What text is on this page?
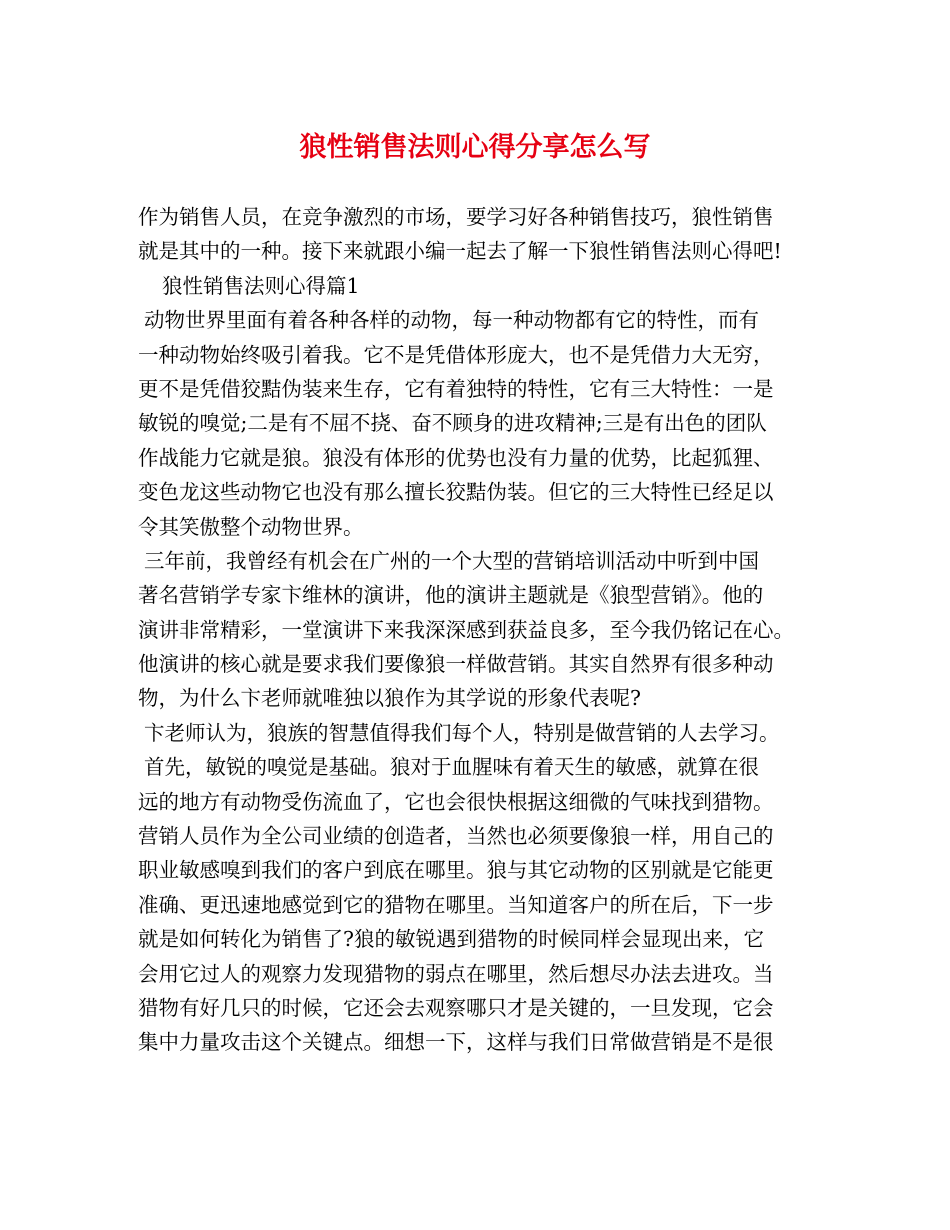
狼性销售法则心得分享怎么写
作为销售人员，在竞争激烈的市场，要学习好各种销售技巧，狼性销售
就是其中的一种。接下来就跟小编一起去了解一下狼性销售法则心得吧!
狼性销售法则心得篇1
动物世界里面有着各种各样的动物，每一种动物都有它的特性，而有
一种动物始终吸引着我。它不是凭借体形庞大，也不是凭借力大无穷，
更不是凭借狡黠伪装来生存，它有着独特的特性，它有三大特性：一是
敏锐的嗅觉;二是有不屈不挠、奋不顾身的进攻精神;三是有出色的团队
作战能力它就是狼。狼没有体形的优势也没有力量的优势，比起狐狸、
变色龙这些动物它也没有那么擅长狡黠伪装。但它的三大特性已经足以
令其笑傲整个动物世界。
三年前，我曾经有机会在广州的一个大型的营销培训活动中听到中国
著名营销学专家卞维林的演讲，他的演讲主题就是《狼型营销》。他的
演讲非常精彩，一堂演讲下来我深深感到获益良多，至今我仍铭记在心。
他演讲的核心就是要求我们要像狼一样做营销。其实自然界有很多种动
物，为什么卞老师就唯独以狼作为其学说的形象代表呢?
卞老师认为，狼族的智慧值得我们每个人，特别是做营销的人去学习。
首先，敏锐的嗅觉是基础。狼对于血腥味有着天生的敏感，就算在很
远的地方有动物受伤流血了，它也会很快根据这细微的气味找到猎物。
营销人员作为全公司业绩的创造者，当然也必须要像狼一样，用自己的
职业敏感嗅到我们的客户到底在哪里。狼与其它动物的区别就是它能更
准确、更迅速地感觉到它的猎物在哪里。当知道客户的所在后，下一步
就是如何转化为销售了?狼的敏锐遇到猎物的时候同样会显现出来，它
会用它过人的观察力发现猎物的弱点在哪里，然后想尽办法去进攻。当
猎物有好几只的时候，它还会去观察哪只才是关键的，一旦发现，它会
集中力量攻击这个关键点。细想一下，这样与我们日常做营销是不是很
